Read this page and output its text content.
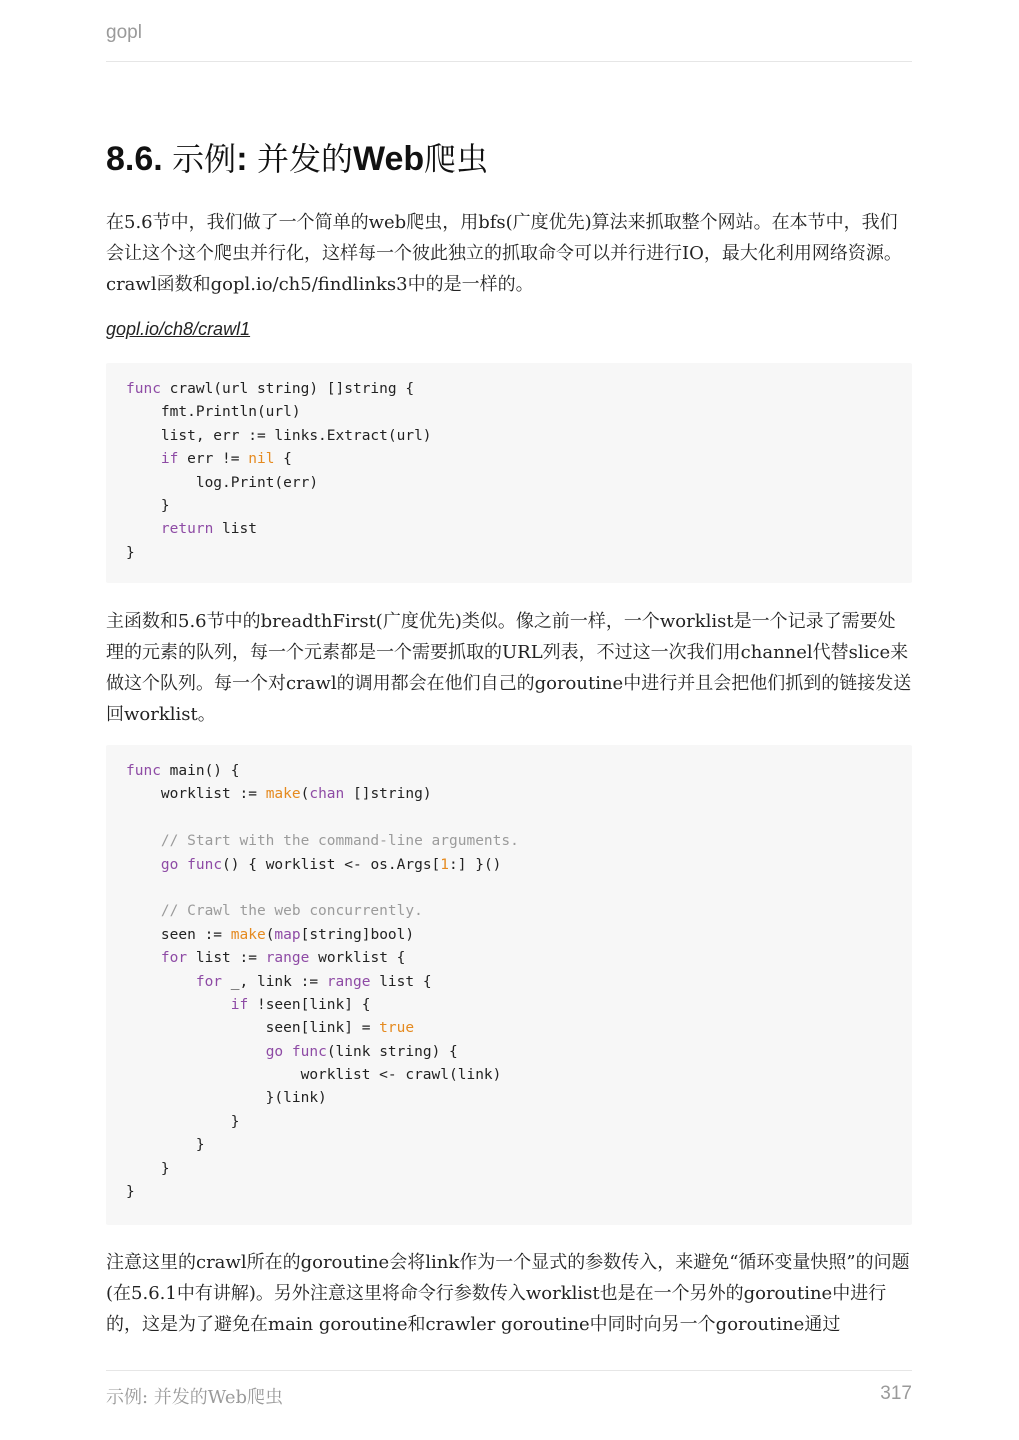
gopl
8.6. 示例: 并发的Web爬虫

在5.6节中，我们做了一个简单的web爬虫，用bfs(广度优先)算法来抓取整个网站。在本节中，我们会让这个这个爬虫并行化，这样每一个彼此独立的抓取命令可以并行进行IO，最大化利用网络资源。crawl函数和gopl.io/ch5/findlinks3中的是一样的。

gopl.io/ch8/crawl1
func crawl(url string) []string {
fmt.Println(url)
list, err := links.Extract(url)
if err != nil {
log.Print(err)
}
return list
}

主函数和5.6节中的breadthFirst(广度优先)类似。像之前一样，一个worklist是一个记录了需要处理的元素的队列，每一个元素都是一个需要抓取的URL列表，不过这一次我们用channel代替slice来做这个队列。每一个对crawl的调用都会在他们自己的goroutine中进行并且会把他们抓到的链接发送回worklist。

func main() {
worklist := make(chan []string)
// Start with the command-line arguments.
go func() { worklist <- os.Args[1:] }()
// Crawl the web concurrently.
seen := make(map[string]bool)
for list := range worklist {
for _, link := range list {
if !seen[link] {
seen[link] = true
go func(link string) {
worklist <- crawl(link)
}(link)
}
}
}
}

注意这里的crawl所在的goroutine会将link作为一个显式的参数传入，来避免“循环变量快照”的问题(在5.6.1中有讲解)。另外注意这里将命令行参数传入worklist也是在一个另外的goroutine中进行的，这是为了避免在main goroutine和crawler goroutine中同时向另一个goroutine通过

示例: 并发的Web爬虫	317
